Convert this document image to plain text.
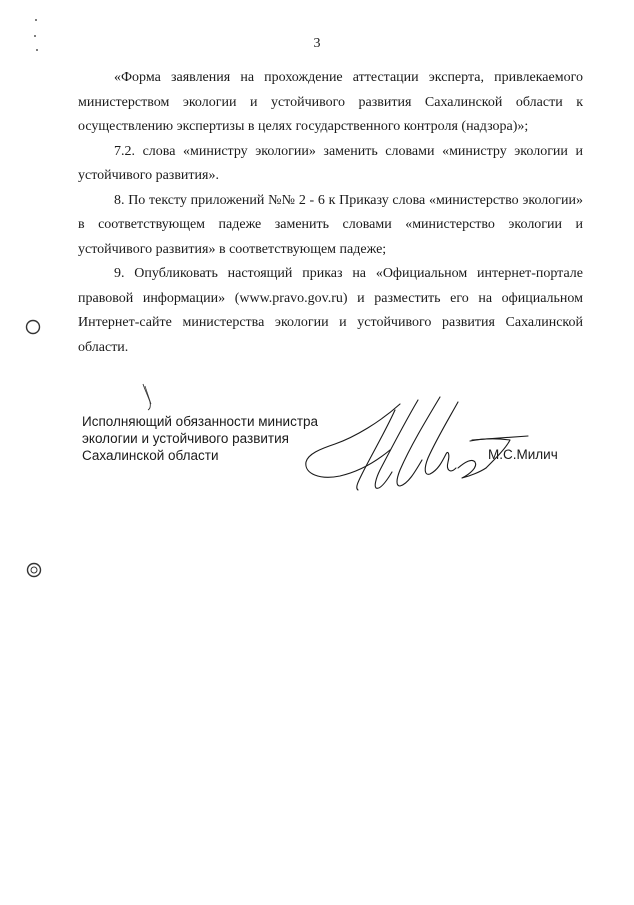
3

«Форма заявления на прохождение аттестации эксперта, привлекаемого министерством экологии и устойчивого развития Сахалинской области к осуществлению экспертизы в целях государственного контроля (надзора)»;

7.2. слова «министру экологии» заменить словами «министру экологии и устойчивого развития».

8. По тексту приложений №№ 2 - 6 к Приказу слова «министерство экологии» в соответствующем падеже заменить словами «министерство экологии и устойчивого развития» в соответствующем падеже;

9. Опубликовать настоящий приказ на «Официальном интернет-портале правовой информации» (www.pravo.gov.ru) и разместить его на официальном Интернет-сайте министерства экологии и устойчивого развития Сахалинской области.

Исполняющий обязанности министра
экологии и устойчивого развития
Сахалинской области	М.С.Милич
